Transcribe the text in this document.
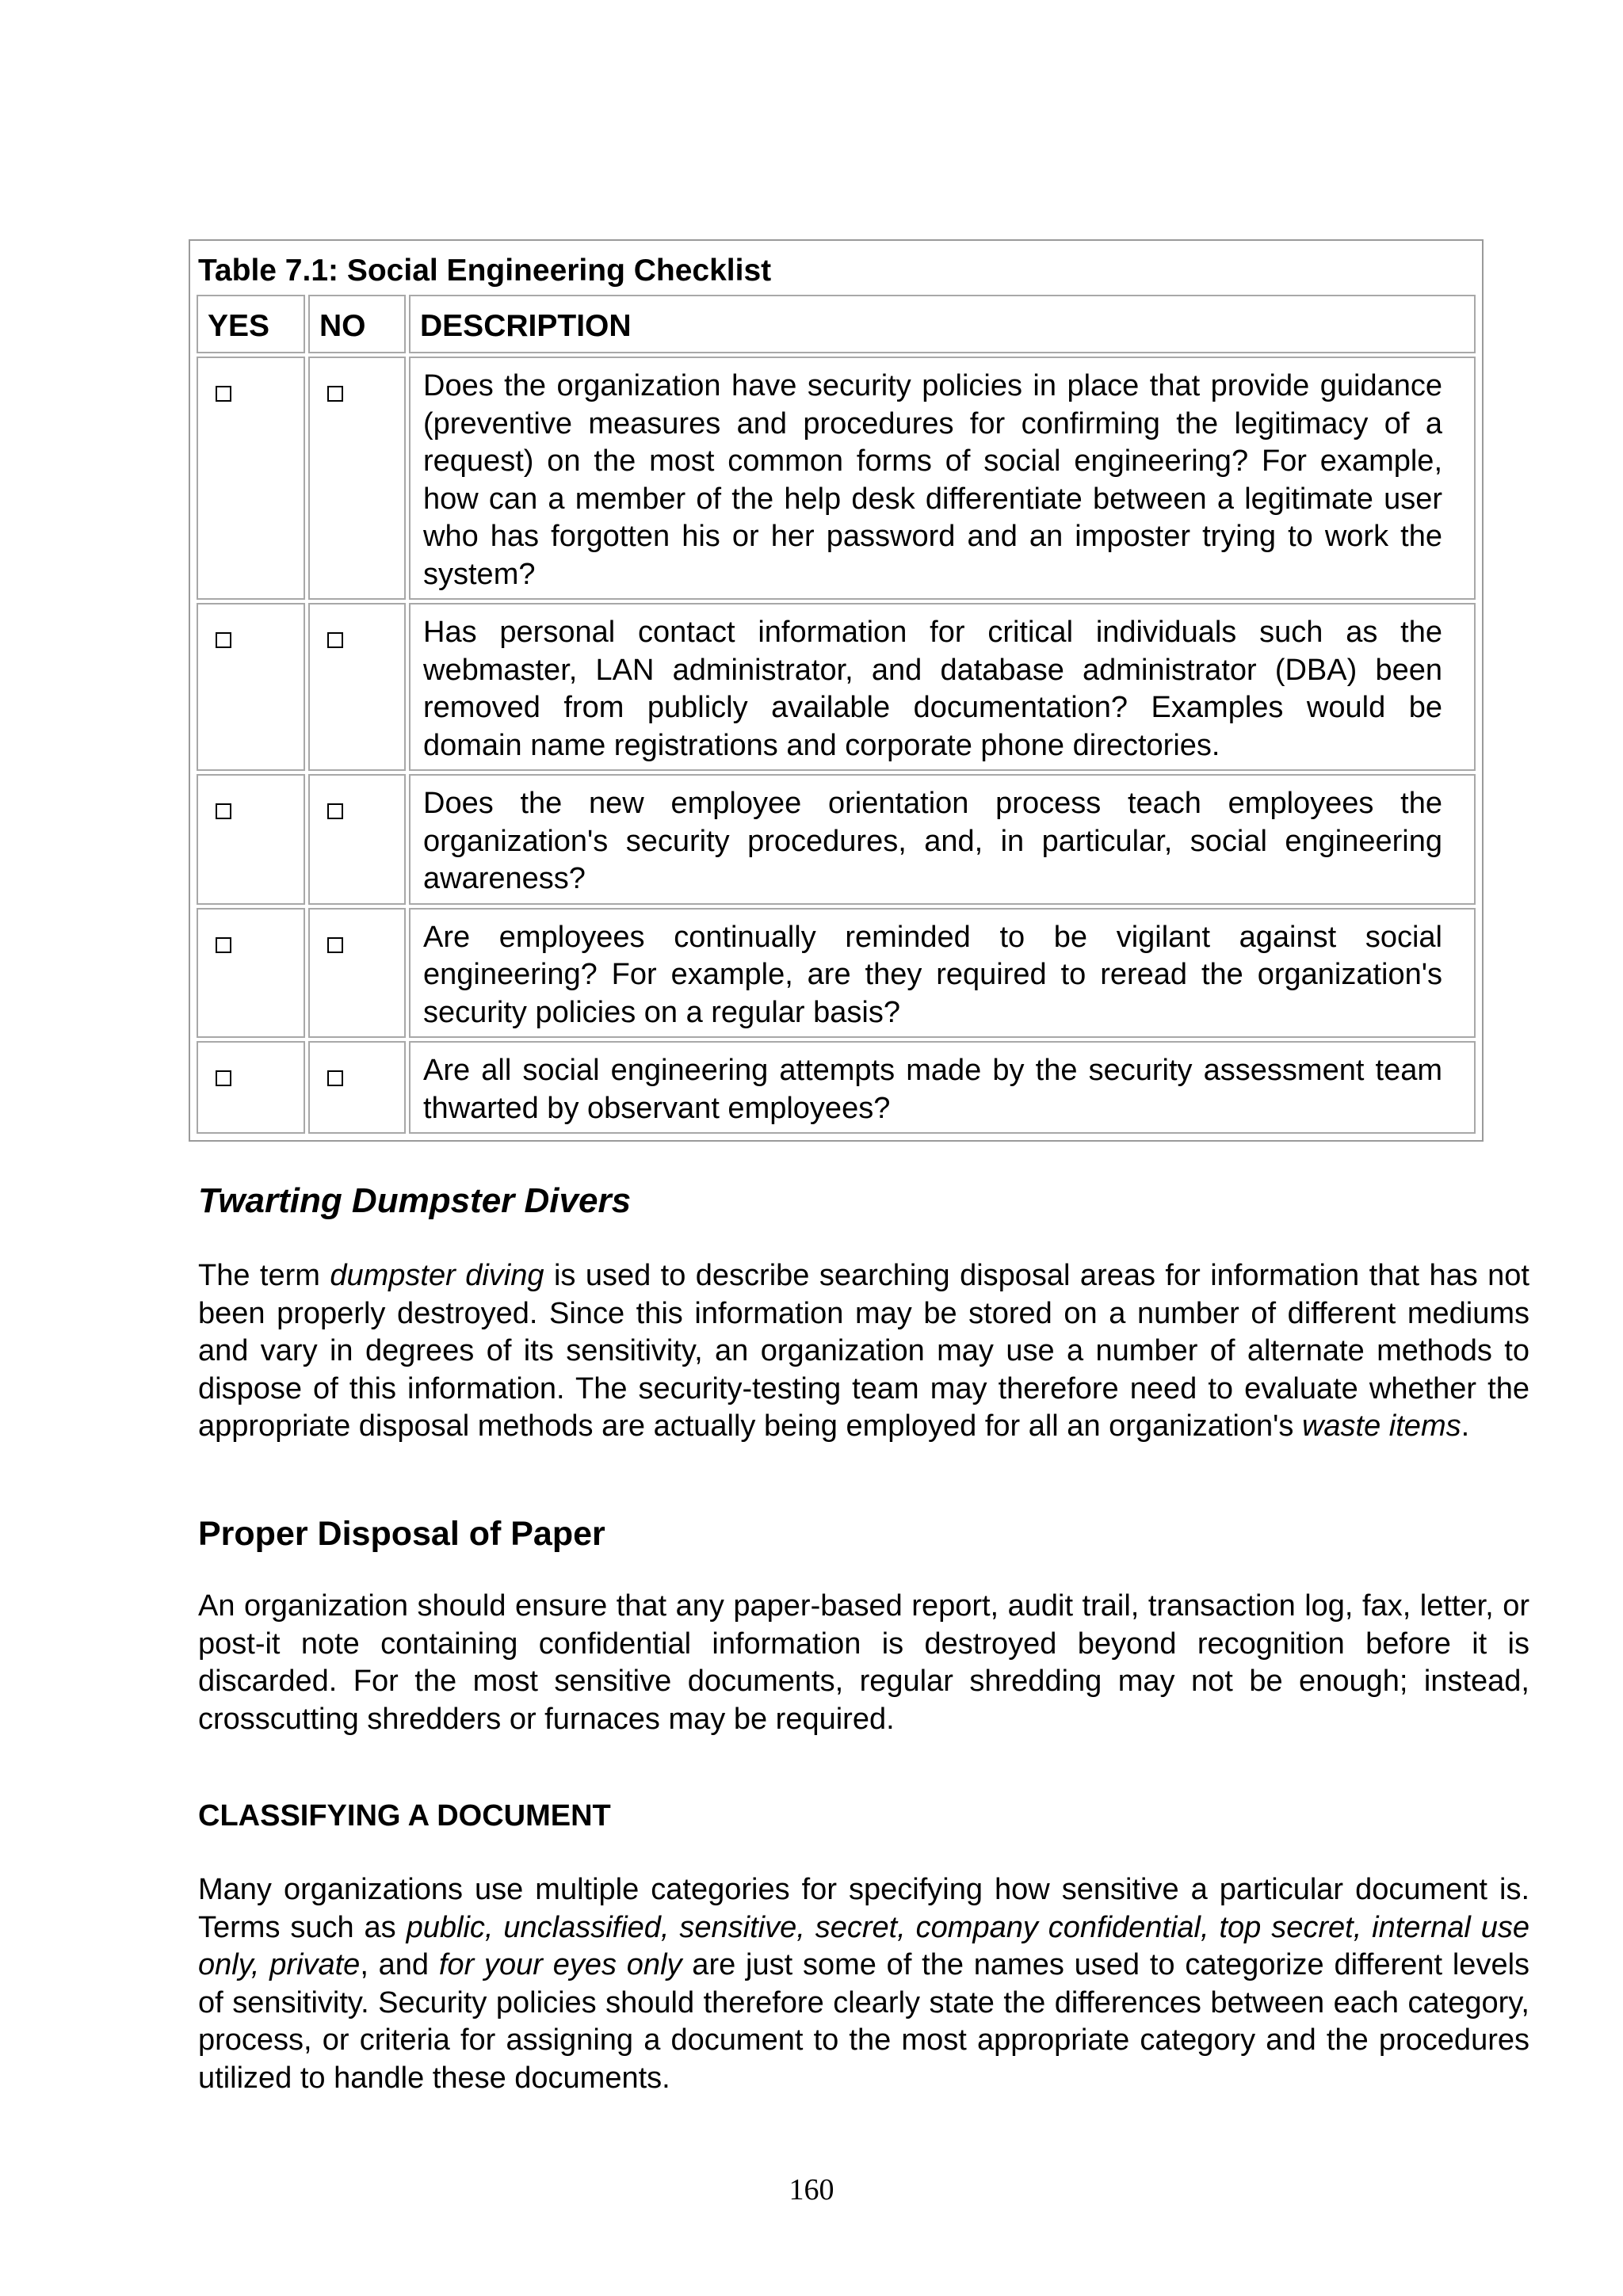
Table 7.1: Social Engineering Checklist
YES	NO	DESCRIPTION
		Does the organization have security policies in place that provide guidance (preventive measures and procedures for confirming the legitimacy of a request) on the most common forms of social engineering? For example, how can a member of the help desk differentiate between a legitimate user who has forgotten his or her password and an imposter trying to work the system?
		Has personal contact information for critical individuals such as the webmaster, LAN administrator, and database administrator (DBA) been removed from publicly available documentation? Examples would be domain name registrations and corporate phone directories.
		Does the new employee orientation process teach employees the organization's security procedures, and, in particular, social engineering awareness?
		Are employees continually reminded to be vigilant against social engineering? For example, are they required to reread the organization's security policies on a regular basis?
		Are all social engineering attempts made by the security assessment team thwarted by observant employees?
Twarting Dumpster Divers

The term dumpster diving is used to describe searching disposal areas for information that has not been properly destroyed. Since this information may be stored on a number of different mediums and vary in degrees of its sensitivity, an organization may use a number of alternate methods to dispose of this information. The security-testing team may therefore need to evaluate whether the appropriate disposal methods are actually being employed for all an organization's waste items.

Proper Disposal of Paper

An organization should ensure that any paper-based report, audit trail, transaction log, fax, letter, or post-it note containing confidential information is destroyed beyond recognition before it is discarded. For the most sensitive documents, regular shredding may not be enough; instead, crosscutting shredders or furnaces may be required.

CLASSIFYING A DOCUMENT

Many organizations use multiple categories for specifying how sensitive a particular document is. Terms such as public, unclassified, sensitive, secret, company confidential, top secret, internal use only, private, and for your eyes only are just some of the names used to categorize different levels of sensitivity. Security policies should therefore clearly state the differences between each category, process, or criteria for assigning a document to the most appropriate category and the procedures utilized to handle these documents.

160
